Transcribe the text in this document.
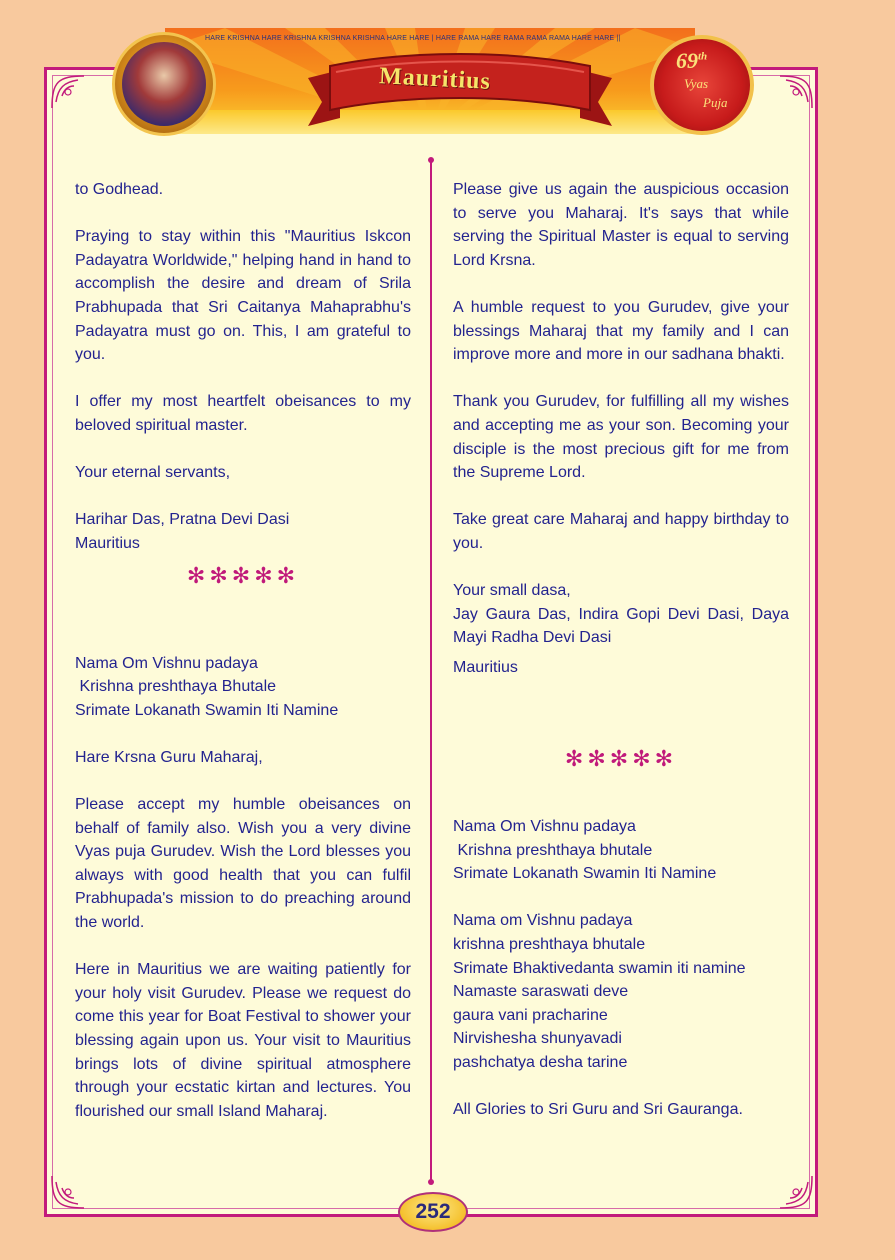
HARE KRISHNA HARE KRISHNA KRISHNA KRISHNA HARE HARE | HARE RAMA HARE RAMA RAMA RAMA HARE HARE ||
Mauritius
69th
Vyas
Puja

to Godhead.

Praying to stay within this "Mauritius Iskcon Padayatra Worldwide," helping hand in hand to accomplish the desire and dream of Srila Prabhupada that Sri Caitanya Mahaprabhu's Padayatra must go on. This, I am grateful to you.

I offer my most heartfelt obeisances to my beloved spiritual master.

Your eternal servants,

Harihar Das, Pratna Devi Dasi
Mauritius

✻✻✻✻✻

Nama Om Vishnu padaya
Krishna preshthaya Bhutale
Srimate Lokanath Swamin Iti Namine

Hare Krsna Guru Maharaj,

Please accept my humble obeisances on behalf of family also. Wish you a very divine Vyas puja Gurudev. Wish the Lord blesses you always with good health that you can fulfil Prabhupada's mission to do preaching around the world.

Here in Mauritius we are waiting patiently for your holy visit Gurudev. Please we request do come this year for Boat Festival to shower your blessing again upon us. Your visit to Mauritius brings lots of divine spiritual atmosphere through your ecstatic kirtan and lectures. You flourished our small Island Maharaj.

Please give us again the auspicious occasion to serve you Maharaj. It's says that while serving the Spiritual Master is equal to serving Lord Krsna.

A humble request to you Gurudev, give your blessings Maharaj that my family and I can improve more and more in our sadhana bhakti.

Thank you Gurudev, for fulfilling all my wishes and accepting me as your son. Becoming your disciple is the most precious gift for me from the Supreme Lord.

Take great care Maharaj and happy birthday to you.

Your small dasa,
Jay Gaura Das, Indira Gopi Devi Dasi, Daya Mayi Radha Devi Dasi

Mauritius

✻✻✻✻✻

Nama Om Vishnu padaya
Krishna preshthaya bhutale
Srimate Lokanath Swamin Iti Namine

Nama om Vishnu padaya
krishna preshthaya bhutale
Srimate Bhaktivedanta swamin iti namine
Namaste saraswati deve
gaura vani pracharine
Nirvishesha shunyavadi
pashchatya desha tarine

All Glories to Sri Guru and Sri Gauranga.

252
